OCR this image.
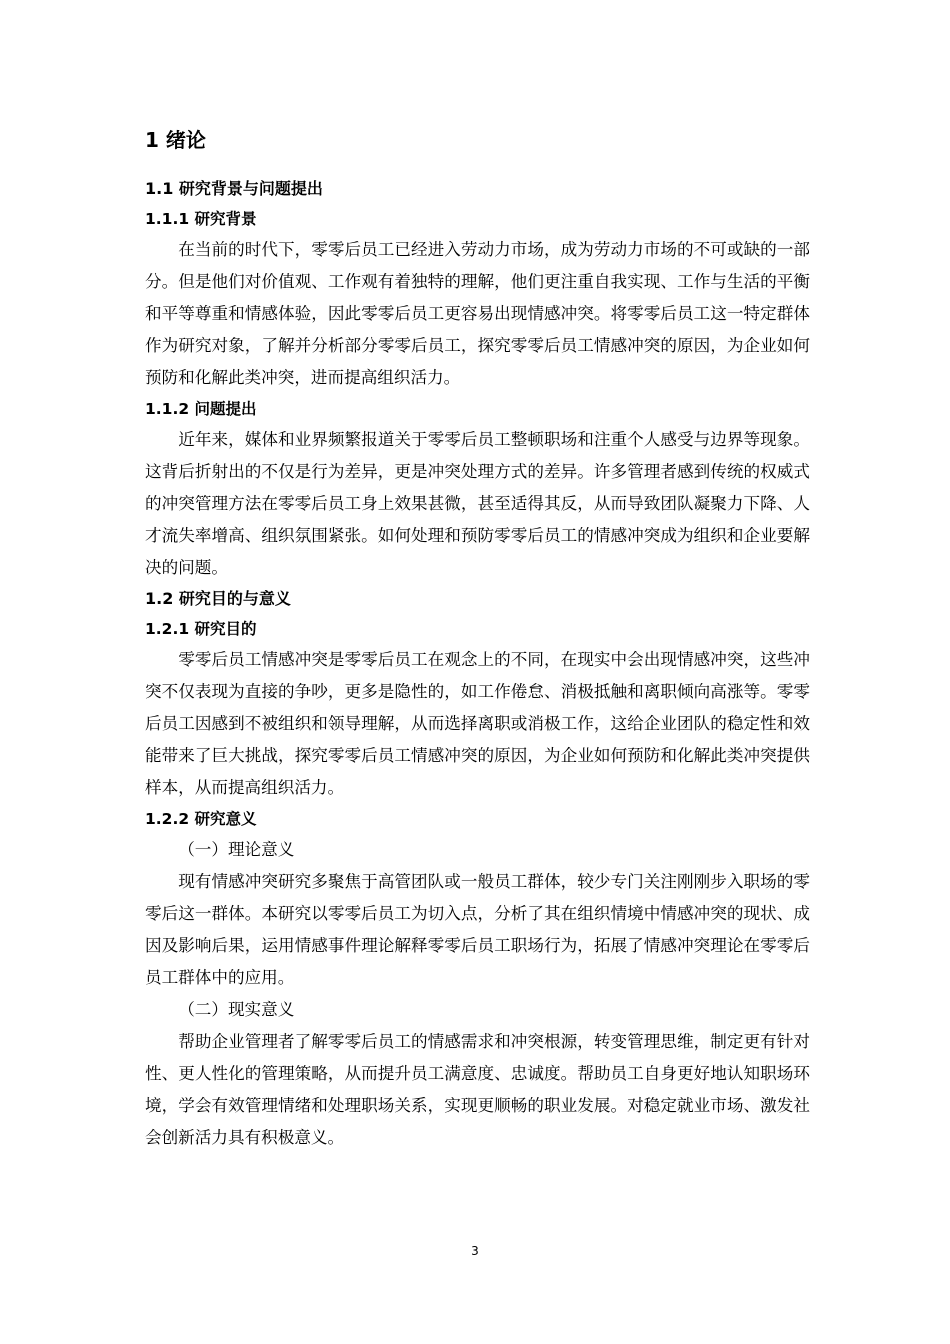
1 绪论
1.1 研究背景与问题提出
1.1.1 研究背景

在当前的时代下，零零后员工已经进入劳动力市场，成为劳动力市场的不可或缺的一部分。但是他们对价值观、工作观有着独特的理解，他们更注重自我实现、工作与生活的平衡和平等尊重和情感体验，因此零零后员工更容易出现情感冲突。将零零后员工这一特定群体作为研究对象，了解并分析部分零零后员工，探究零零后员工情感冲突的原因，为企业如何预防和化解此类冲突，进而提高组织活力。

1.1.2 问题提出

近年来，媒体和业界频繁报道关于零零后员工整顿职场和注重个人感受与边界等现象。这背后折射出的不仅是行为差异，更是冲突处理方式的差异。许多管理者感到传统的权威式的冲突管理方法在零零后员工身上效果甚微，甚至适得其反，从而导致团队凝聚力下降、人才流失率增高、组织氛围紧张。如何处理和预防零零后员工的情感冲突成为组织和企业要解决的问题。

1.2 研究目的与意义
1.2.1 研究目的

零零后员工情感冲突是零零后员工在观念上的不同，在现实中会出现情感冲突，这些冲突不仅表现为直接的争吵，更多是隐性的，如工作倦怠、消极抵触和离职倾向高涨等。零零后员工因感到不被组织和领导理解，从而选择离职或消极工作，这给企业团队的稳定性和效能带来了巨大挑战，探究零零后员工情感冲突的原因，为企业如何预防和化解此类冲突提供样本，从而提高组织活力。

1.2.2 研究意义
（一）理论意义

现有情感冲突研究多聚焦于高管团队或一般员工群体，较少专门关注刚刚步入职场的零零后这一群体。本研究以零零后员工为切入点，分析了其在组织情境中情感冲突的现状、成因及影响后果，运用情感事件理论解释零零后员工职场行为，拓展了情感冲突理论在零零后员工群体中的应用。

（二）现实意义

帮助企业管理者了解零零后员工的情感需求和冲突根源，转变管理思维，制定更有针对性、更人性化的管理策略，从而提升员工满意度、忠诚度。帮助员工自身更好地认知职场环境，学会有效管理情绪和处理职场关系，实现更顺畅的职业发展。对稳定就业市场、激发社会创新活力具有积极意义。

3
